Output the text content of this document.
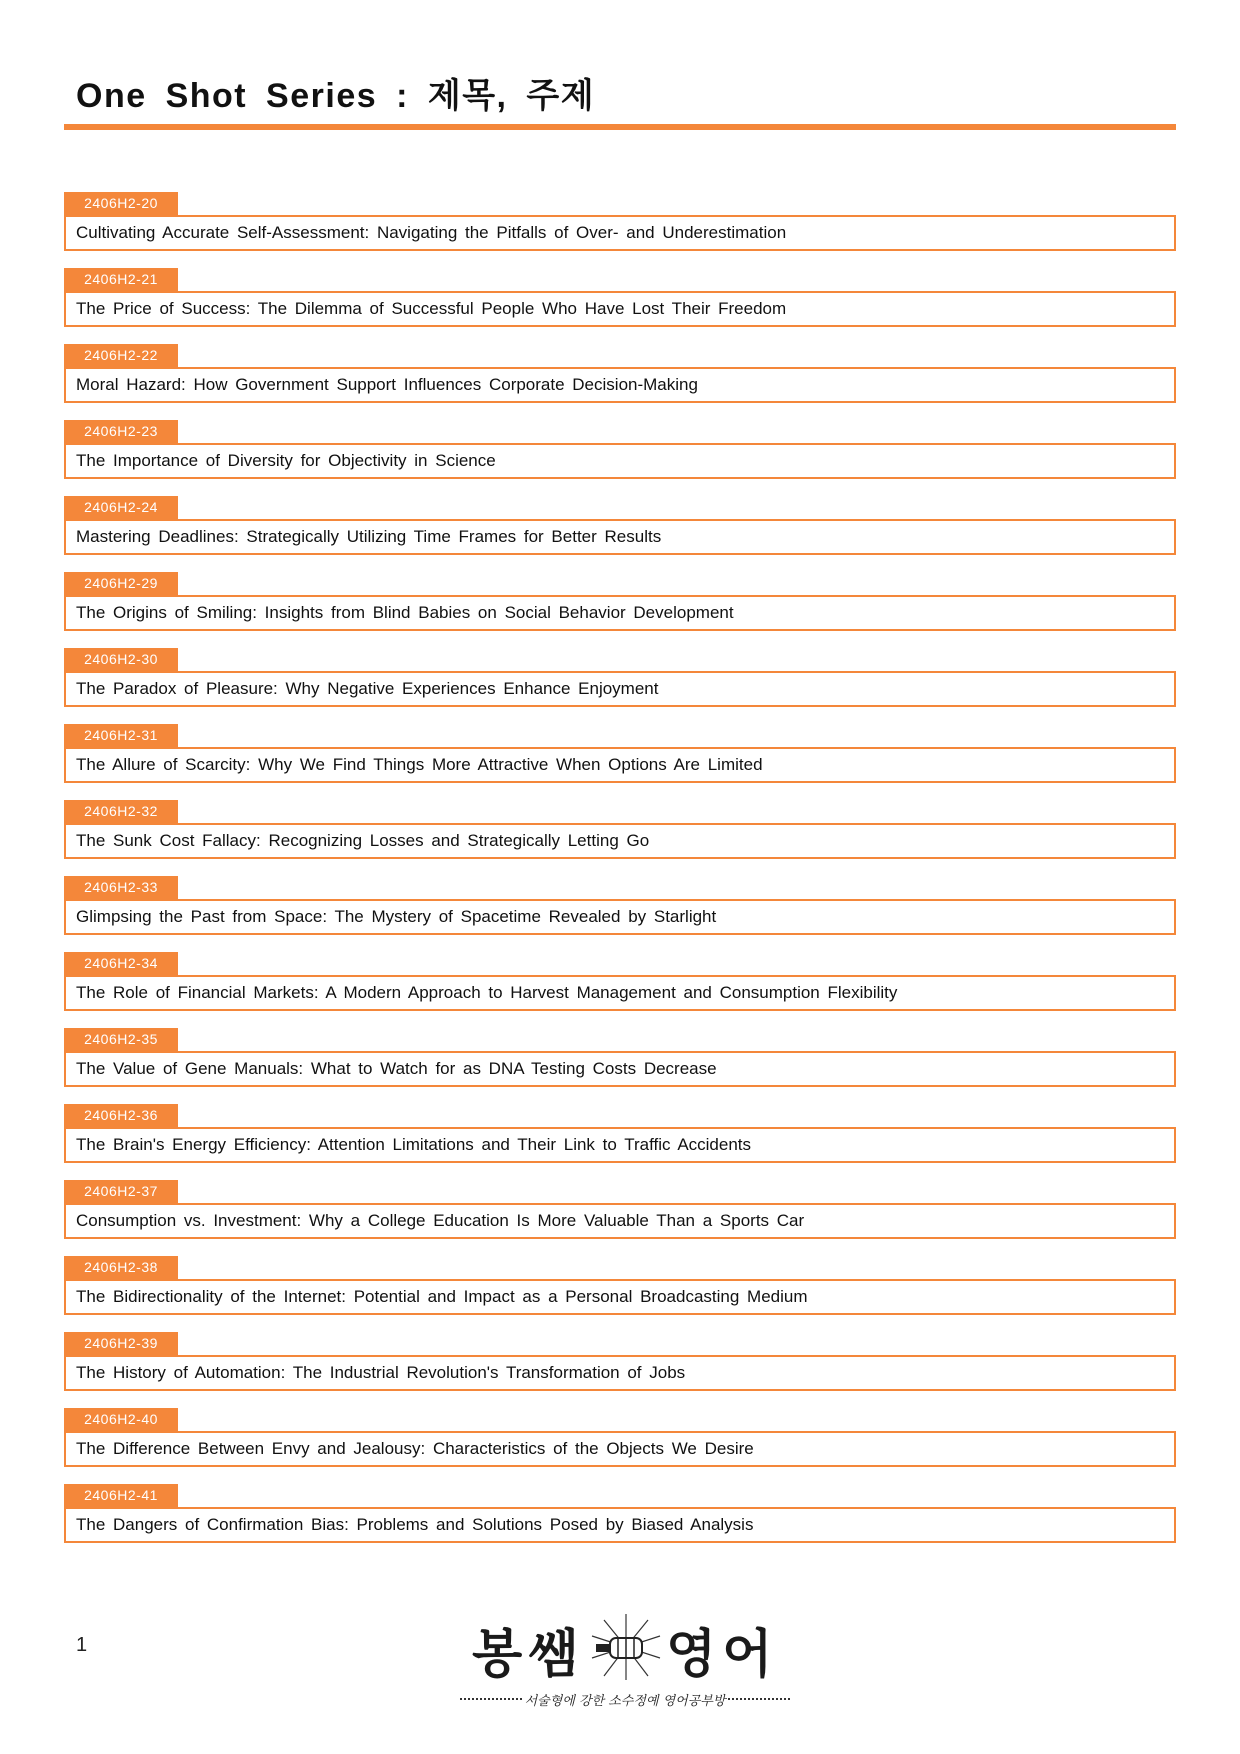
One Shot Series : 제목, 주제
2406H2-20
Cultivating Accurate Self-Assessment: Navigating the Pitfalls of Over- and Underestimation
2406H2-21
The Price of Success: The Dilemma of Successful People Who Have Lost Their Freedom
2406H2-22
Moral Hazard: How Government Support Influences Corporate Decision-Making
2406H2-23
The Importance of Diversity for Objectivity in Science
2406H2-24
Mastering Deadlines: Strategically Utilizing Time Frames for Better Results
2406H2-29
The Origins of Smiling: Insights from Blind Babies on Social Behavior Development
2406H2-30
The Paradox of Pleasure: Why Negative Experiences Enhance Enjoyment
2406H2-31
The Allure of Scarcity: Why We Find Things More Attractive When Options Are Limited
2406H2-32
The Sunk Cost Fallacy: Recognizing Losses and Strategically Letting Go
2406H2-33
Glimpsing the Past from Space: The Mystery of Spacetime Revealed by Starlight
2406H2-34
The Role of Financial Markets: A Modern Approach to Harvest Management and Consumption Flexibility
2406H2-35
The Value of Gene Manuals: What to Watch for as DNA Testing Costs Decrease
2406H2-36
The Brain's Energy Efficiency: Attention Limitations and Their Link to Traffic Accidents
2406H2-37
Consumption vs. Investment: Why a College Education Is More Valuable Than a Sports Car
2406H2-38
The Bidirectionality of the Internet: Potential and Impact as a Personal Broadcasting Medium
2406H2-39
The History of Automation: The Industrial Revolution's Transformation of Jobs
2406H2-40
The Difference Between Envy and Jealousy: Characteristics of the Objects We Desire
2406H2-41
The Dangers of Confirmation Bias: Problems and Solutions Posed by Biased Analysis
1	봉쌤 영어
서술형에 강한 소수정예 영어공부방
